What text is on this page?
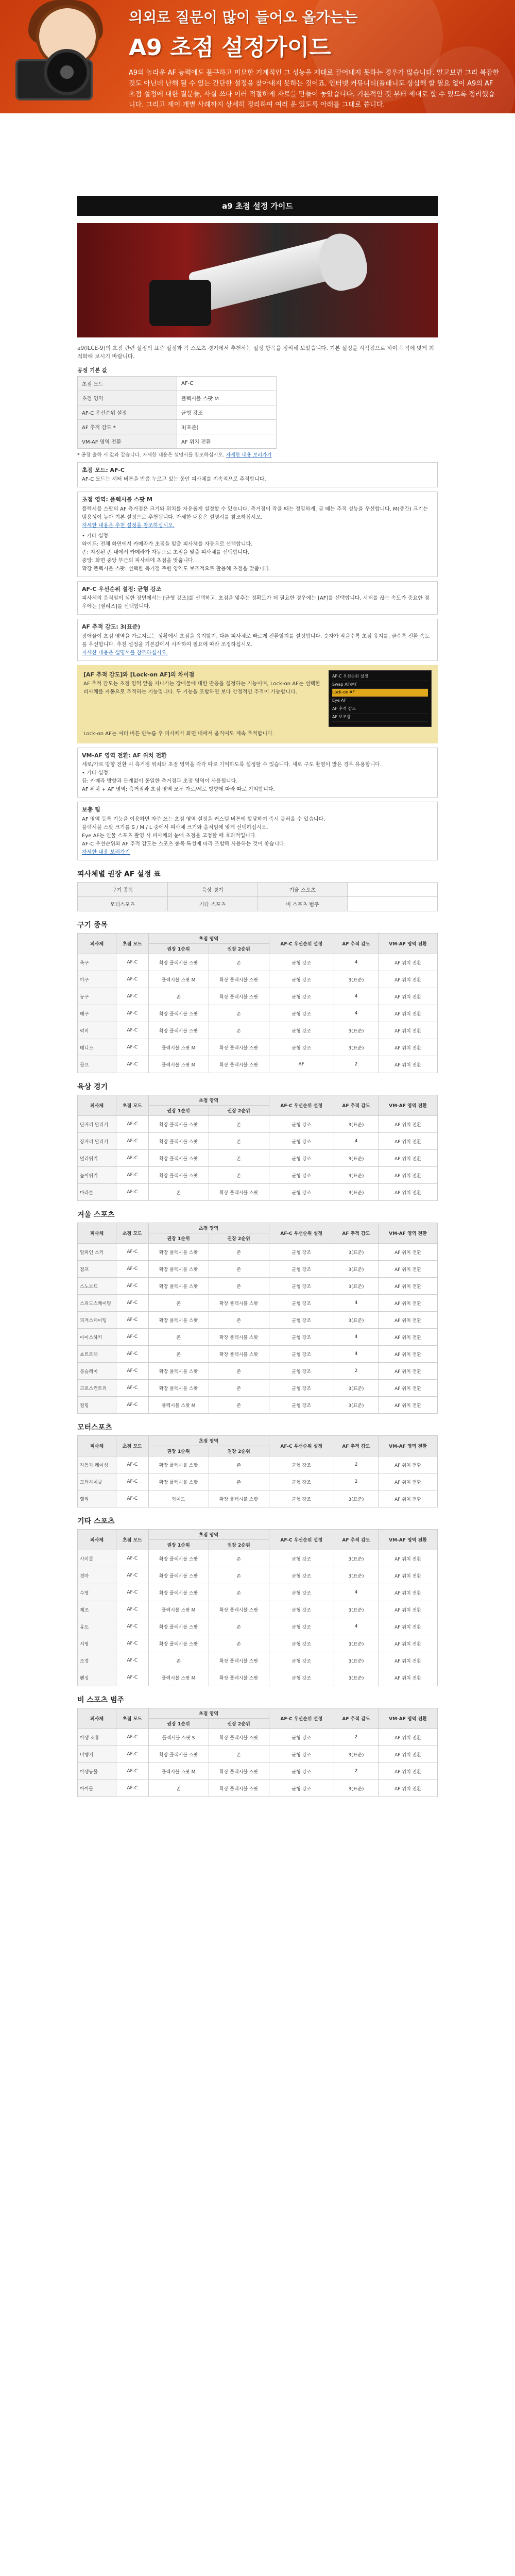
의외로 질문이 많이 들어오 올가는는

A9 초점 설정가이드

A9의 놀라운 AF 능력에도 불구하고 미묘한 기계적인 그 성능을 제대로 끌어내지 못하는 경우가 많습니다. 알고보면 그리 복잡한 것도 아닌데 난해 될 수 있는 간단한 설정을 찾아내지 못하는 것이죠. 인터넷 커뮤니티(플래니도 상심해 할 필요 없이 A9의 AF 초점 설정에 대한 질문들, 사실 쓰다 이러 적절하게 자료를 만들어 놓았습니다. 기본적인 것 부터 제대로 할 수 있도록 정리했습니다. 그리고 제이 개별 사례까지 상세히 정리하여 여러 운 있도록 아래를 그대로 씁니다.

a9 초점 설정 가이드

a9(ILCE-9)의 초점 관련 설정의 표준 설정과 각 스포츠 경기에서 추천하는 설정 항목을 정리해 보았습니다. 기본 설정을 시작점으로 하여 목적에 맞게 최적화해 보시기 바랍니다.

공정 기본 값
초점 모드	AF-C
초점 영역	플렉시블 스팟 M
AF-C 우선순위 설정	균형 강조
AF 추적 감도 *	3(표준)
VM-AF 영역 전환	AF 위치 전환

* 공장 출하 시 값과 같습니다. 자세한 내용은 설명서를 참조하십시오. 자세한 내용 보러가기

초점 모드: AF-C
AF-C 모드는 셔터 버튼을 반쯤 누르고 있는 동안 피사체를 지속적으로 추적합니다.
초점 영역: 플렉시블 스팟 M
플렉시블 스팟의 AF 측거점은 크기와 위치를 자유롭게 설정할 수 있습니다. 측거점이 작을 때는 정밀하게, 클 때는 추적 성능을 우선합니다. M(중간) 크기는 범용성이 높아 기본 설정으로 추천됩니다. 자세한 내용은 설명서를 참조하십시오.
자세한 내용은 추천 설정을 참조하십시오.
• 기타 설정
와이드: 전체 화면에서 카메라가 초점을 맞출 피사체를 자동으로 선택합니다.
존: 지정된 존 내에서 카메라가 자동으로 초점을 맞출 피사체를 선택합니다.
중앙: 화면 중앙 부근의 피사체에 초점을 맞춥니다.
확장 플렉시블 스팟: 선택한 측거점 주변 영역도 보조적으로 활용해 초점을 맞춥니다.
AF-C 우선순위 설정: 균형 강조
피사체의 움직임이 심한 장면에서는 [균형 강조]를 선택하고, 초점을 맞추는 정확도가 더 필요한 경우에는 [AF]를 선택합니다. 셔터를 끊는 속도가 중요한 경우에는 [릴리즈]를 선택합니다.
AF 추적 감도: 3(표준)
장애물이 초점 영역을 가로지르는 상황에서 초점을 유지할지, 다른 피사체로 빠르게 전환할지를 설정합니다. 숫자가 작을수록 초점 유지를, 클수록 전환 속도를 우선합니다. 추천 설정을 기본값에서 시작하여 필요에 따라 조정하십시오.
자세한 내용은 설명서를 참조하십시오.
[AF 추적 감도]와 [Lock-on AF]의 차이점
AF 추적 감도는 초점 영역 앞을 지나가는 장애물에 대한 반응을 설정하는 기능이며, Lock-on AF는 선택한 피사체를 자동으로 추적하는 기능입니다. 두 기능을 조합하면 보다 안정적인 추적이 가능합니다.
AF-C 우선순위 설정
Swap AF/MF
Lock-on AF
Eye AF
AF 추적 감도
AF 보조광
Lock-on AF는 셔터 버튼 반누름 후 피사체가 화면 내에서 움직여도 계속 추적합니다.
VM-AF 영역 전환: AF 위치 전환
세로/가로 방향 전환 시 측거점 위치와 초점 영역을 각각 따로 기억하도록 설정할 수 있습니다. 세로 구도 촬영이 많은 경우 유용합니다.
• 기타 설정
끔: 카메라 방향과 관계없이 동일한 측거점과 초점 영역이 사용됩니다.
AF 위치 + AF 영역: 측거점과 초점 영역 모두 가로/세로 방향에 따라 따로 기억합니다.
보충 팁
AF 영역 등록 기능을 이용하면 자주 쓰는 초점 영역 설정을 커스텀 버튼에 할당하여 즉시 불러올 수 있습니다.
플렉시블 스팟 크기를 S / M / L 중에서 피사체 크기와 움직임에 맞게 선택하십시오.
Eye AF는 인물 스포츠 촬영 시 피사체의 눈에 초점을 고정할 때 효과적입니다.
AF-C 우선순위와 AF 추적 감도는 스포츠 종목 특성에 따라 조합해 사용하는 것이 좋습니다.
자세한 내용 보러가기
피사체별 권장 AF 설정 표
구기 종목	육상 경기	겨울 스포츠	
모터스포츠	기타 스포츠	비 스포츠 범주	
구기 종목
피사체	초점 모드	초점 영역		AF-C 우선순위 설정	AF 추적 감도	VM-AF 영역 전환
		권장 1순위	권장 2순위			
축구	AF-C	확장 플렉시블 스팟	존	균형 강조	4	AF 위치 전환
야구	AF-C	플렉시블 스팟 M	확장 플렉시블 스팟	균형 강조	3(표준)	AF 위치 전환
농구	AF-C	존	확장 플렉시블 스팟	균형 강조	4	AF 위치 전환
배구	AF-C	확장 플렉시블 스팟	존	균형 강조	4	AF 위치 전환
럭비	AF-C	확장 플렉시블 스팟	존	균형 강조	3(표준)	AF 위치 전환
테니스	AF-C	플렉시블 스팟 M	확장 플렉시블 스팟	균형 강조	3(표준)	AF 위치 전환
골프	AF-C	플렉시블 스팟 M	확장 플렉시블 스팟	AF	2	AF 위치 전환
육상 경기
피사체	초점 모드	초점 영역		AF-C 우선순위 설정	AF 추적 감도	VM-AF 영역 전환
		권장 1순위	권장 2순위			
단거리 달리기	AF-C	확장 플렉시블 스팟	존	균형 강조	3(표준)	AF 위치 전환
장거리 달리기	AF-C	확장 플렉시블 스팟	존	균형 강조	4	AF 위치 전환
멀리뛰기	AF-C	확장 플렉시블 스팟	존	균형 강조	3(표준)	AF 위치 전환
높이뛰기	AF-C	확장 플렉시블 스팟	존	균형 강조	3(표준)	AF 위치 전환
마라톤	AF-C	존	확장 플렉시블 스팟	균형 강조	3(표준)	AF 위치 전환
겨울 스포츠
피사체	초점 모드	초점 영역		AF-C 우선순위 설정	AF 추적 감도	VM-AF 영역 전환
		권장 1순위	권장 2순위			
알파인 스키	AF-C	확장 플렉시블 스팟	존	균형 강조	3(표준)	AF 위치 전환
점프	AF-C	확장 플렉시블 스팟	존	균형 강조	3(표준)	AF 위치 전환
스노보드	AF-C	확장 플렉시블 스팟	존	균형 강조	3(표준)	AF 위치 전환
스피드스케이팅	AF-C	존	확장 플렉시블 스팟	균형 강조	4	AF 위치 전환
피겨스케이팅	AF-C	확장 플렉시블 스팟	존	균형 강조	3(표준)	AF 위치 전환
아이스하키	AF-C	존	확장 플렉시블 스팟	균형 강조	4	AF 위치 전환
쇼트트랙	AF-C	존	확장 플렉시블 스팟	균형 강조	4	AF 위치 전환
봅슬레이	AF-C	확장 플렉시블 스팟	존	균형 강조	2	AF 위치 전환
크로스컨트리	AF-C	확장 플렉시블 스팟	존	균형 강조	3(표준)	AF 위치 전환
컬링	AF-C	플렉시블 스팟 M	존	균형 강조	3(표준)	AF 위치 전환
모터스포츠
피사체	초점 모드	초점 영역		AF-C 우선순위 설정	AF 추적 감도	VM-AF 영역 전환
		권장 1순위	권장 2순위			
자동차 레이싱	AF-C	확장 플렉시블 스팟	존	균형 강조	2	AF 위치 전환
모터사이클	AF-C	확장 플렉시블 스팟	존	균형 강조	2	AF 위치 전환
랠리	AF-C	와이드	확장 플렉시블 스팟	균형 강조	3(표준)	AF 위치 전환
기타 스포츠
피사체	초점 모드	초점 영역		AF-C 우선순위 설정	AF 추적 감도	VM-AF 영역 전환
		권장 1순위	권장 2순위			
사이클	AF-C	확장 플렉시블 스팟	존	균형 강조	3(표준)	AF 위치 전환
경마	AF-C	확장 플렉시블 스팟	존	균형 강조	3(표준)	AF 위치 전환
수영	AF-C	확장 플렉시블 스팟	존	균형 강조	4	AF 위치 전환
체조	AF-C	플렉시블 스팟 M	확장 플렉시블 스팟	균형 강조	3(표준)	AF 위치 전환
유도	AF-C	확장 플렉시블 스팟	존	균형 강조	4	AF 위치 전환
서핑	AF-C	확장 플렉시블 스팟	존	균형 강조	3(표준)	AF 위치 전환
조정	AF-C	존	확장 플렉시블 스팟	균형 강조	3(표준)	AF 위치 전환
펜싱	AF-C	플렉시블 스팟 M	확장 플렉시블 스팟	균형 강조	3(표준)	AF 위치 전환
비 스포츠 범주
피사체	초점 모드	초점 영역		AF-C 우선순위 설정	AF 추적 감도	VM-AF 영역 전환
		권장 1순위	권장 2순위			
야생 조류	AF-C	플렉시블 스팟 S	확장 플렉시블 스팟	균형 강조	2	AF 위치 전환
비행기	AF-C	확장 플렉시블 스팟	존	균형 강조	3(표준)	AF 위치 전환
야생동물	AF-C	플렉시블 스팟 M	확장 플렉시블 스팟	균형 강조	2	AF 위치 전환
아이들	AF-C	존	확장 플렉시블 스팟	균형 강조	3(표준)	AF 위치 전환
